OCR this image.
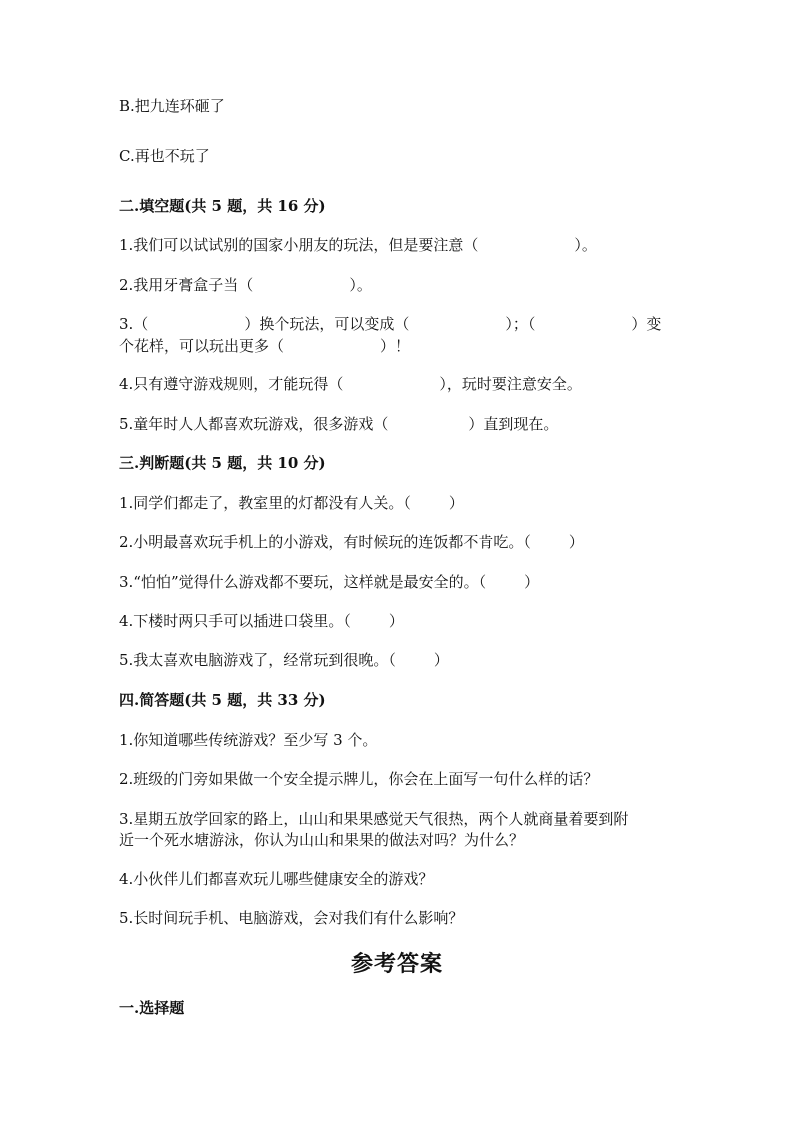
B.把九连环砸了
C.再也不玩了
二.填空题(共 5 题，共 16 分)
1.我们可以试试别的国家小朋友的玩法，但是要注意（	）。
2.我用牙膏盒子当（	）。
3.（	）换个玩法，可以变成（	）；（	）变
个花样，可以玩出更多（	）！
4.只有遵守游戏规则，才能玩得（	），玩时要注意安全。
5.童年时人人都喜欢玩游戏，很多游戏（	）直到现在。
三.判断题(共 5 题，共 10 分)
1.同学们都走了，教室里的灯都没有人关。（	）
2.小明最喜欢玩手机上的小游戏，有时候玩的连饭都不肯吃。（	）
3.“怕怕”觉得什么游戏都不要玩，这样就是最安全的。（	）
4.下楼时两只手可以插进口袋里。（	）
5.我太喜欢电脑游戏了，经常玩到很晚。（	）
四.简答题(共 5 题，共 33 分)
1.你知道哪些传统游戏？至少写 3 个。
2.班级的门旁如果做一个安全提示牌儿，你会在上面写一句什么样的话？
3.星期五放学回家的路上，山山和果果感觉天气很热，两个人就商量着要到附
近一个死水塘游泳，你认为山山和果果的做法对吗？为什么？
4.小伙伴儿们都喜欢玩儿哪些健康安全的游戏？
5.长时间玩手机、电脑游戏，会对我们有什么影响？
参考答案
一.选择题
